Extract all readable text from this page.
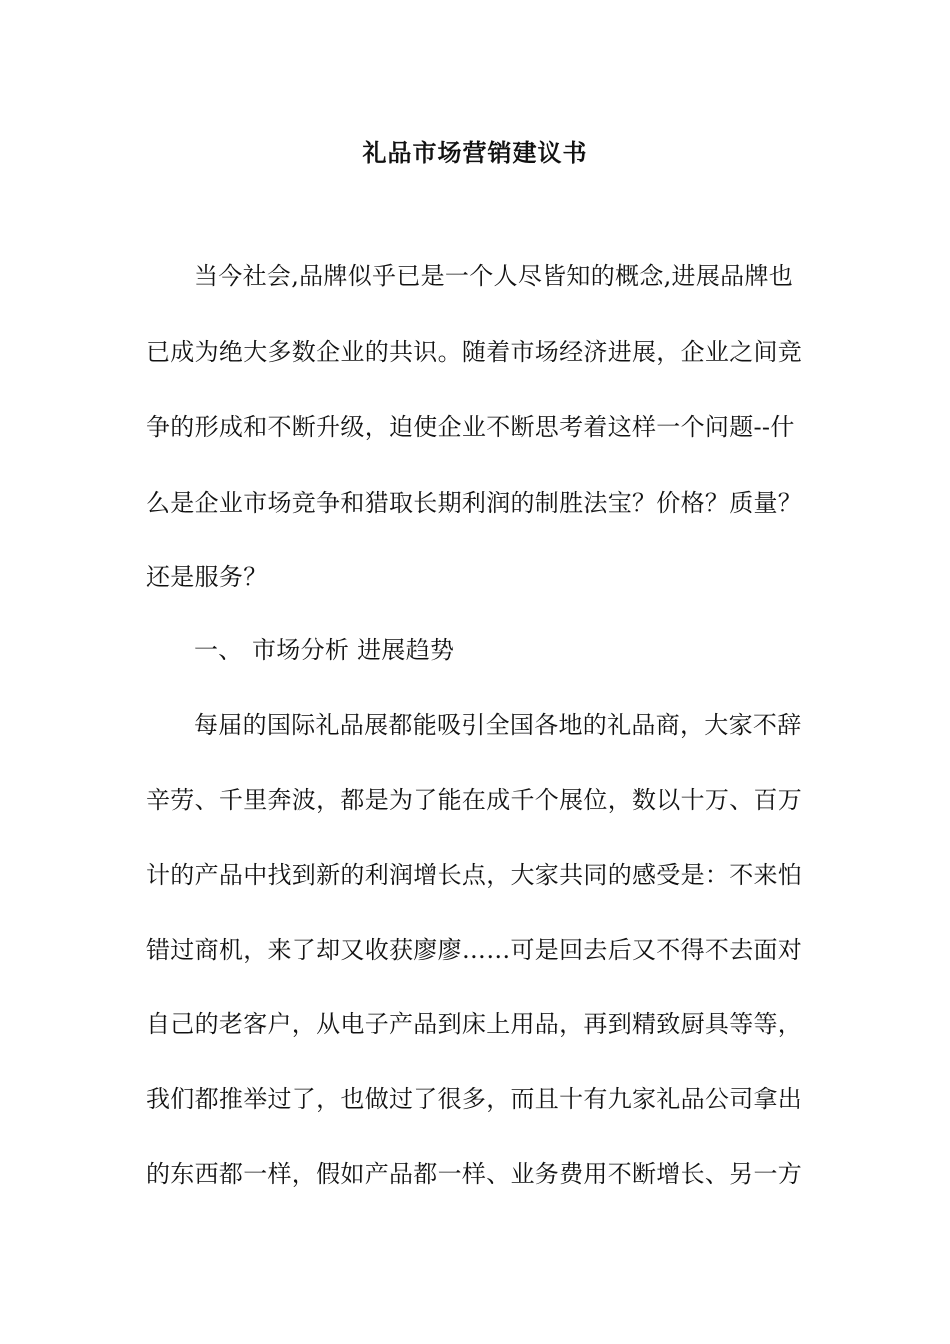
礼品市场营销建议书
当今社会,品牌似乎已是一个人尽皆知的概念,进展品牌也
已成为绝大多数企业的共识。随着市场经济进展，企业之间竞
争的形成和不断升级，迫使企业不断思考着这样一个问题--什
么是企业市场竞争和猎取长期利润的制胜法宝？价格？质量？
还是服务？
一、 市场分析 进展趋势
每届的国际礼品展都能吸引全国各地的礼品商，大家不辞
辛劳、千里奔波，都是为了能在成千个展位，数以十万、百万
计的产品中找到新的利润增长点，大家共同的感受是：不来怕
错过商机，来了却又收获廖廖……可是回去后又不得不去面对
自己的老客户，从电子产品到床上用品，再到精致厨具等等，
我们都推举过了，也做过了很多，而且十有九家礼品公司拿出
的东西都一样，假如产品都一样、业务费用不断增长、另一方
